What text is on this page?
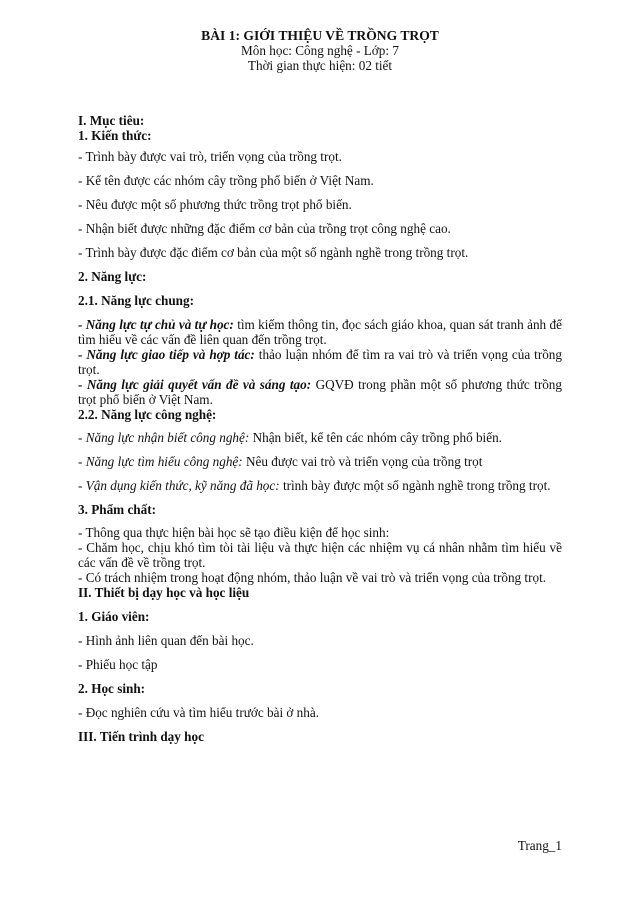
BÀI 1: GIỚI THIỆU VỀ TRỒNG TRỌT
Môn học: Công nghệ - Lớp: 7
Thời gian thực hiện: 02 tiết
I. Mục tiêu:
1. Kiến thức:

- Trình bày được vai trò, triển vọng của trồng trọt.

- Kể tên được các nhóm cây trồng phổ biến ở Việt Nam.

- Nêu được một số phương thức trồng trọt phổ biến.

- Nhận biết được những đặc điểm cơ bản của trồng trọt công nghệ cao.

- Trình bày được đặc điểm cơ bản của một số ngành nghề trong trồng trọt.

2. Năng lực:
2.1. Năng lực chung:

- Năng lực tự chủ và tự học: tìm kiếm thông tin, đọc sách giáo khoa, quan sát tranh ảnh để tìm hiểu về các vấn đề liên quan đến trồng trọt.

- Năng lực giao tiếp và hợp tác: thảo luận nhóm để tìm ra vai trò và triển vọng của trồng trọt.

- Năng lực giải quyết vấn đề và sáng tạo: GQVĐ trong phần một số phương thức trồng trọt phổ biến ở Việt Nam.

2.2. Năng lực công nghệ:

- Năng lực nhận biết công nghệ: Nhận biết, kể tên các nhóm cây trồng phổ biến.

- Năng lực tìm hiểu công nghệ: Nêu được vai trò và triển vọng của trồng trọt

- Vận dụng kiến thức, kỹ năng đã học: trình bày được một số ngành nghề trong trồng trọt.

3. Phẩm chất:

- Thông qua thực hiện bài học sẽ tạo điều kiện để học sinh:

- Chăm học, chịu khó tìm tòi tài liệu và thực hiện các nhiệm vụ cá nhân nhằm tìm hiểu về các vấn đề về trồng trọt.

- Có trách nhiệm trong hoạt động nhóm, thảo luận về vai trò và triển vọng của trồng trọt.

II. Thiết bị dạy học và học liệu
1. Giáo viên:

- Hình ảnh liên quan đến bài học.

- Phiếu học tập

2. Học sinh:

- Đọc nghiên cứu và tìm hiểu trước bài ở nhà.

III. Tiến trình dạy học
Trang_1
